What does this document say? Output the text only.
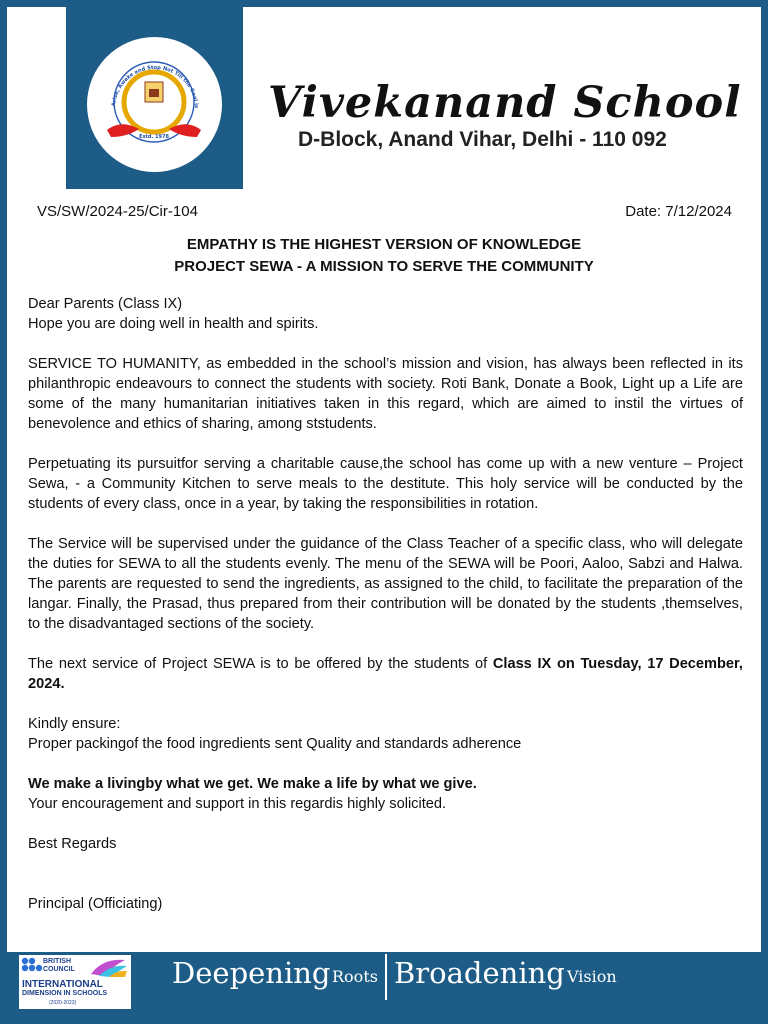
Arise, Awake and Stop Not Till the Goal is
Estd. 1978
Vivekanand School
D-Block, Anand Vihar, Delhi - 110 092
VS/SW/2024-25/Cir-104	Date: 7/12/2024
EMPATHY IS THE HIGHEST VERSION OF KNOWLEDGE
PROJECT SEWA - A MISSION TO SERVE THE COMMUNITY

Dear Parents (Class IX)

Hope you are doing well in health and spirits.

SERVICE TO HUMANITY, as embedded in the school’s mission and vision, has always been reflected in its philanthropic endeavours to connect the students with society. Roti Bank, Donate a Book, Light up a Life are some of the many humanitarian initiatives taken in this regard, which are aimed to instil the virtues of benevolence and ethics of sharing, among ststudents.

Perpetuating its pursuitfor serving a charitable cause,the school has come up with a new venture – Project Sewa, - a Community Kitchen to serve meals to the destitute. This holy service will be conducted by the students of every class, once in a year, by taking the responsibilities in rotation.

The Service will be supervised under the guidance of the Class Teacher of a specific class, who will delegate the duties for SEWA to all the students evenly. The menu of the SEWA will be Poori, Aaloo, Sabzi and Halwa. The parents are requested to send the ingredients, as assigned to the child, to facilitate the preparation of the langar. Finally, the Prasad, thus prepared from their contribution will be donated by the students ,themselves, to the disadvantaged sections of the society.

The next service of Project SEWA is to be offered by the students of Class IX on Tuesday, 17 December, 2024.

Kindly ensure:

Proper packingof the food ingredients sent Quality and standards adherence

We make a livingby what we get. We make a life by what we give.

Your encouragement and support in this regardis highly solicited.

Best Regards

Principal (Officiating)

BRITISH
COUNCIL
INTERNATIONAL
DIMENSION IN SCHOOLS
(2020-2023)
Deepening Roots Broadening Vision
